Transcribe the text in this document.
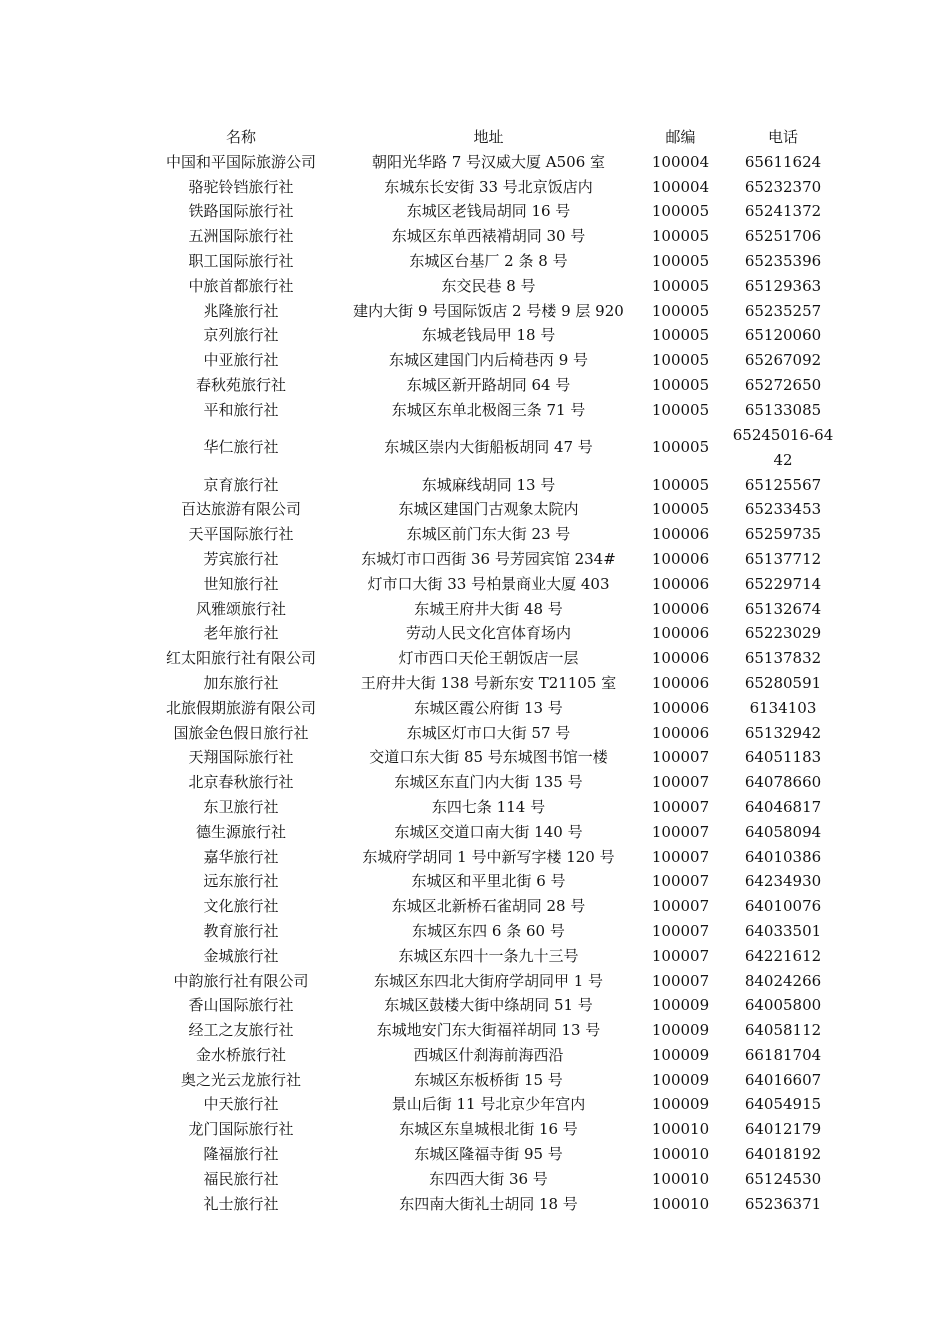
名称	地址	邮编	电话
中国和平国际旅游公司	朝阳光华路 7 号汉威大厦 A506 室	100004	65611624
骆驼铃铛旅行社	东城东长安街 33 号北京饭店内	100004	65232370
铁路国际旅行社	东城区老钱局胡同 16 号	100005	65241372
五洲国际旅行社	东城区东单西裱褙胡同 30 号	100005	65251706
职工国际旅行社	东城区台基厂 2 条 8 号	100005	65235396
中旅首都旅行社	东交民巷 8 号	100005	65129363
兆隆旅行社	建内大街 9 号国际饭店 2 号楼 9 层 920	100005	65235257
京列旅行社	东城老钱局甲 18 号	100005	65120060
中亚旅行社	东城区建国门内后椅巷丙 9 号	100005	65267092
春秋苑旅行社	东城区新开路胡同 64 号	100005	65272650
平和旅行社	东城区东单北极阁三条 71 号	100005	65133085
华仁旅行社	东城区崇内大街船板胡同 47 号	100005	65245016-6442
京育旅行社	东城麻线胡同 13 号	100005	65125567
百达旅游有限公司	东城区建国门古观象太院内	100005	65233453
天平国际旅行社	东城区前门东大街 23 号	100006	65259735
芳宾旅行社	东城灯市口西街 36 号芳园宾馆 234#	100006	65137712
世知旅行社	灯市口大街 33 号柏景商业大厦 403	100006	65229714
风雅颂旅行社	东城王府井大街 48 号	100006	65132674
老年旅行社	劳动人民文化宫体育场内	100006	65223029
红太阳旅行社有限公司	灯市西口天伦王朝饭店一层	100006	65137832
加东旅行社	王府井大街 138 号新东安 T21105 室	100006	65280591
北旅假期旅游有限公司	东城区霞公府街 13 号	100006	6134103
国旅金色假日旅行社	东城区灯市口大街 57 号	100006	65132942
天翔国际旅行社	交道口东大街 85 号东城图书馆一楼	100007	64051183
北京春秋旅行社	东城区东直门内大街 135 号	100007	64078660
东卫旅行社	东四七条 114 号	100007	64046817
德生源旅行社	东城区交道口南大街 140 号	100007	64058094
嘉华旅行社	东城府学胡同 1 号中新写字楼 120 号	100007	64010386
远东旅行社	东城区和平里北街 6 号	100007	64234930
文化旅行社	东城区北新桥石雀胡同 28 号	100007	64010076
教育旅行社	东城区东四 6 条 60 号	100007	64033501
金城旅行社	东城区东四十一条九十三号	100007	64221612
中韵旅行社有限公司	东城区东四北大街府学胡同甲 1 号	100007	84024266
香山国际旅行社	东城区鼓楼大街中绦胡同 51 号	100009	64005800
经工之友旅行社	东城地安门东大街福祥胡同 13 号	100009	64058112
金水桥旅行社	西城区什刹海前海西沿	100009	66181704
奥之光云龙旅行社	东城区东板桥街 15 号	100009	64016607
中天旅行社	景山后街 11 号北京少年宫内	100009	64054915
龙门国际旅行社	东城区东皇城根北街 16 号	100010	64012179
隆福旅行社	东城区隆福寺街 95 号	100010	64018192
福民旅行社	东四西大街 36 号	100010	65124530
礼士旅行社	东四南大街礼士胡同 18 号	100010	65236371
